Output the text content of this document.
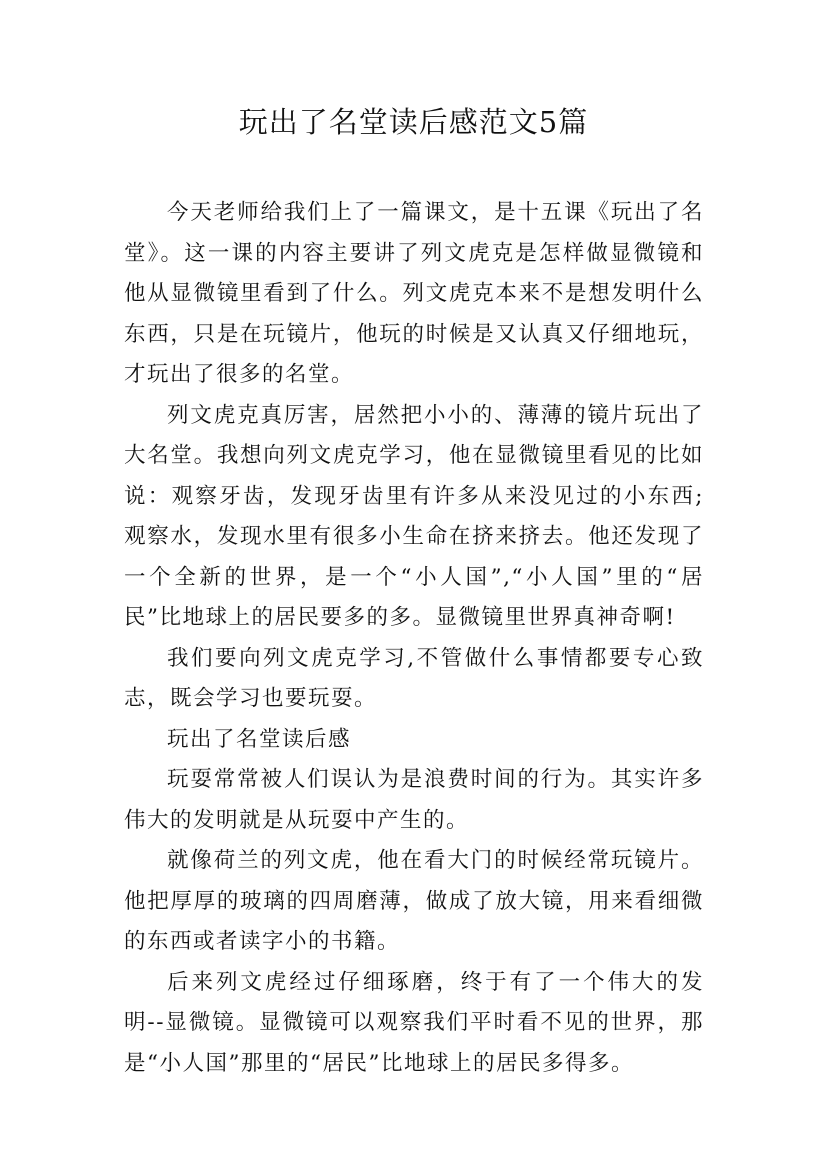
玩出了名堂读后感范文5篇

今天老师给我们上了一篇课文，是十五课《玩出了名堂》。这一课的内容主要讲了列文虎克是怎样做显微镜和他从显微镜里看到了什么。列文虎克本来不是想发明什么东西，只是在玩镜片，他玩的时候是又认真又仔细地玩，才玩出了很多的名堂。

列文虎克真厉害，居然把小小的、薄薄的镜片玩出了大名堂。我想向列文虎克学习，他在显微镜里看见的比如说：观察牙齿，发现牙齿里有许多从来没见过的小东西;观察水，发现水里有很多小生命在挤来挤去。他还发现了一个全新的世界，是一个“小人国”,“小人国”里的“居民”比地球上的居民要多的多。显微镜里世界真神奇啊!

我们要向列文虎克学习,不管做什么事情都要专心致志，既会学习也要玩耍。

玩出了名堂读后感

玩耍常常被人们误认为是浪费时间的行为。其实许多伟大的发明就是从玩耍中产生的。

就像荷兰的列文虎，他在看大门的时候经常玩镜片。他把厚厚的玻璃的四周磨薄，做成了放大镜，用来看细微的东西或者读字小的书籍。

后来列文虎经过仔细琢磨，终于有了一个伟大的发明--显微镜。显微镜可以观察我们平时看不见的世界，那是“小人国”那里的“居民”比地球上的居民多得多。
